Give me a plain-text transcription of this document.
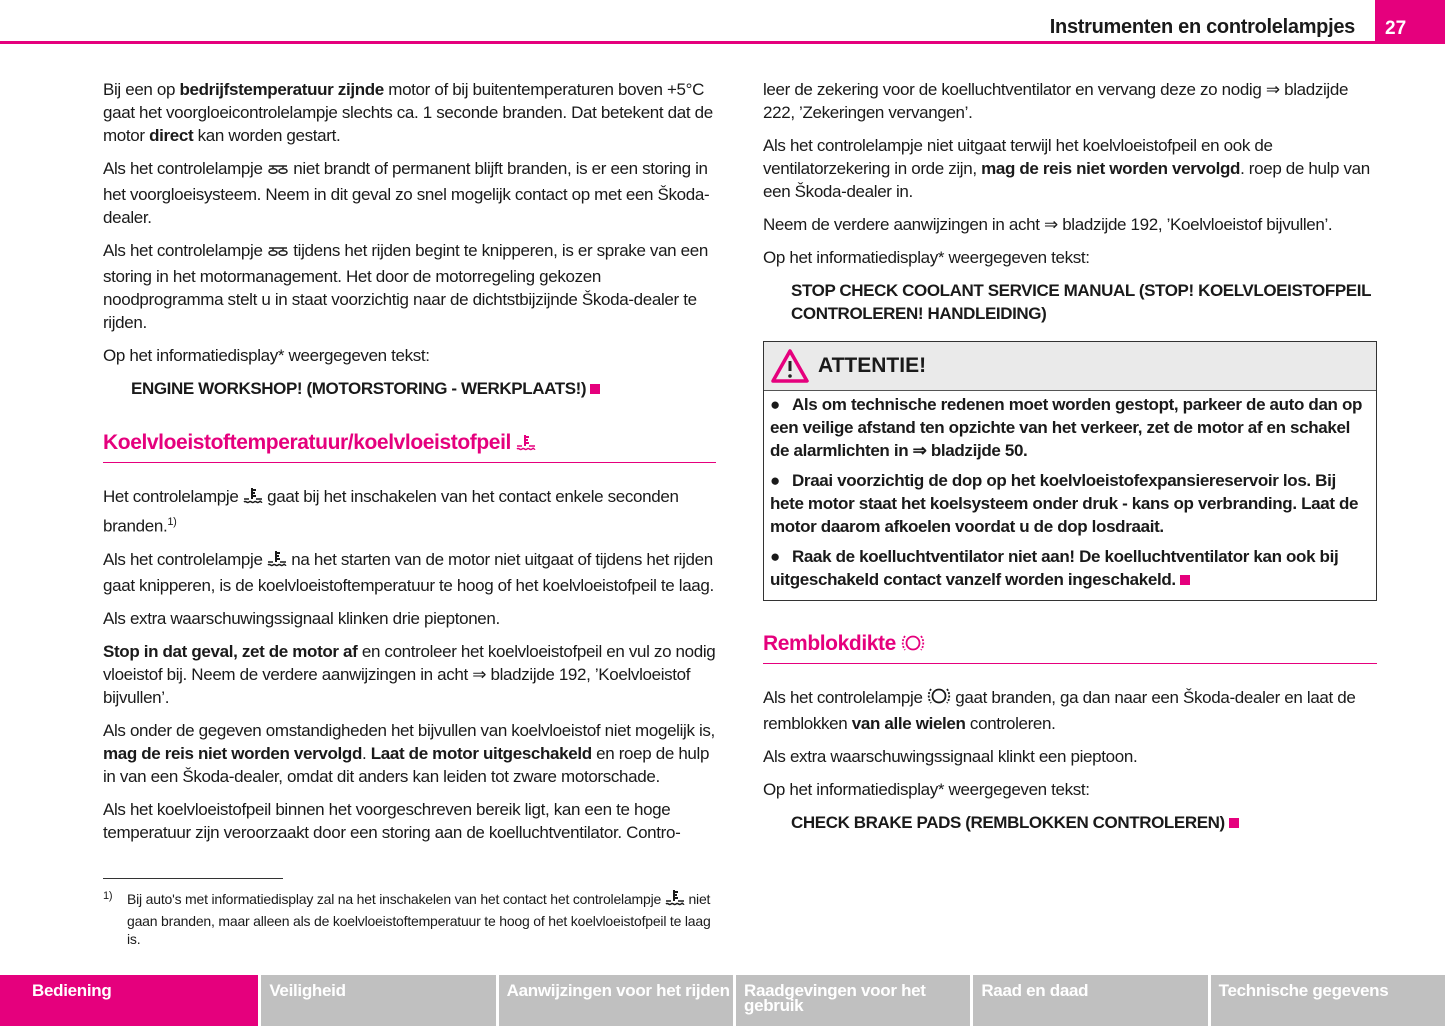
Instrumenten en controlelampjes	27

Bij een op bedrijfstemperatuur zijnde motor of bij buitentemperaturen boven +5°C gaat het voorgloeicontrolelampje slechts ca. 1 seconde branden. Dat betekent dat de motor direct kan worden gestart.

Als het controlelampje  niet brandt of permanent blijft branden, is er een storing in het voorgloeisysteem. Neem in dit geval zo snel mogelijk contact op met een Škoda-dealer.

Als het controlelampje  tijdens het rijden begint te knipperen, is er sprake van een storing in het motormanagement. Het door de motorregeling gekozen noodprogramma stelt u in staat voorzichtig naar de dichtstbijzijnde Škoda-dealer te rijden.

Op het informatiedisplay* weergegeven tekst:

ENGINE WORKSHOP! (MOTORSTORING - WERKPLAATS!)

Koelvloeistoftemperatuur/koelvloeistofpeil

Het controlelampje  gaat bij het inschakelen van het contact enkele seconden branden.$^{1)}$

Als het controlelampje  na het starten van de motor niet uitgaat of tijdens het rijden gaat knipperen, is de koelvloeistoftemperatuur te hoog of het koelvloeistofpeil te laag.

Als extra waarschuwingssignaal klinken drie pieptonen.

Stop in dat geval, zet de motor af en controleer het koelvloeistofpeil en vul zo nodig vloeistof bij. Neem de verdere aanwijzingen in acht ⇒ bladzijde 192, ’Koelvloeistof bijvullen’.

Als onder de gegeven omstandigheden het bijvullen van koelvloeistof niet mogelijk is, mag de reis niet worden vervolgd. Laat de motor uitgeschakeld en roep de hulp in van een Škoda-dealer, omdat dit anders kan leiden tot zware motorschade.

Als het koelvloeistofpeil binnen het voorgeschreven bereik ligt, kan een te hoge temperatuur zijn veroorzaakt door een storing aan de koelluchtventilator. Contro-

leer de zekering voor de koelluchtventilator en vervang deze zo nodig ⇒ bladzijde 222, ’Zekeringen vervangen’.

Als het controlelampje niet uitgaat terwijl het koelvloeistofpeil en ook de ventilatorzekering in orde zijn, mag de reis niet worden vervolgd. roep de hulp van een Škoda-dealer in.

Neem de verdere aanwijzingen in acht ⇒ bladzijde 192, ’Koelvloeistof bijvullen’.

Op het informatiedisplay* weergegeven tekst:

STOP CHECK COOLANT SERVICE MANUAL (STOP! KOELVLOEISTOFPEIL CONTROLEREN! HANDLEIDING)

ATTENTIE!

● Als om technische redenen moet worden gestopt, parkeer de auto dan op een veilige afstand ten opzichte van het verkeer, zet de motor af en schakel de alarmlichten in ⇒ bladzijde 50.

● Draai voorzichtig de dop op het koelvloeistofexpansiereservoir los. Bij hete motor staat het koelsysteem onder druk - kans op verbranding. Laat de motor daarom afkoelen voordat u de dop losdraait.

● Raak de koelluchtventilator niet aan! De koelluchtventilator kan ook bij uitgeschakeld contact vanzelf worden ingeschakeld.

Remblokdikte

Als het controlelampje  gaat branden, ga dan naar een Škoda-dealer en laat de remblokken van alle wielen controleren.

Als extra waarschuwingssignaal klinkt een pieptoon.

Op het informatiedisplay* weergegeven tekst:

CHECK BRAKE PADS (REMBLOKKEN CONTROLEREN)

1) Bij auto's met informatiedisplay zal na het inschakelen van het contact het controlelampje  niet gaan branden, maar alleen als de koelvloeistoftemperatuur te hoog of het koelvloeistofpeil te laag is.
Bediening	Veiligheid	Aanwijzingen voor het rijden Raadgevingen voor het gebruik
Raad en daad	Technische gegevens
